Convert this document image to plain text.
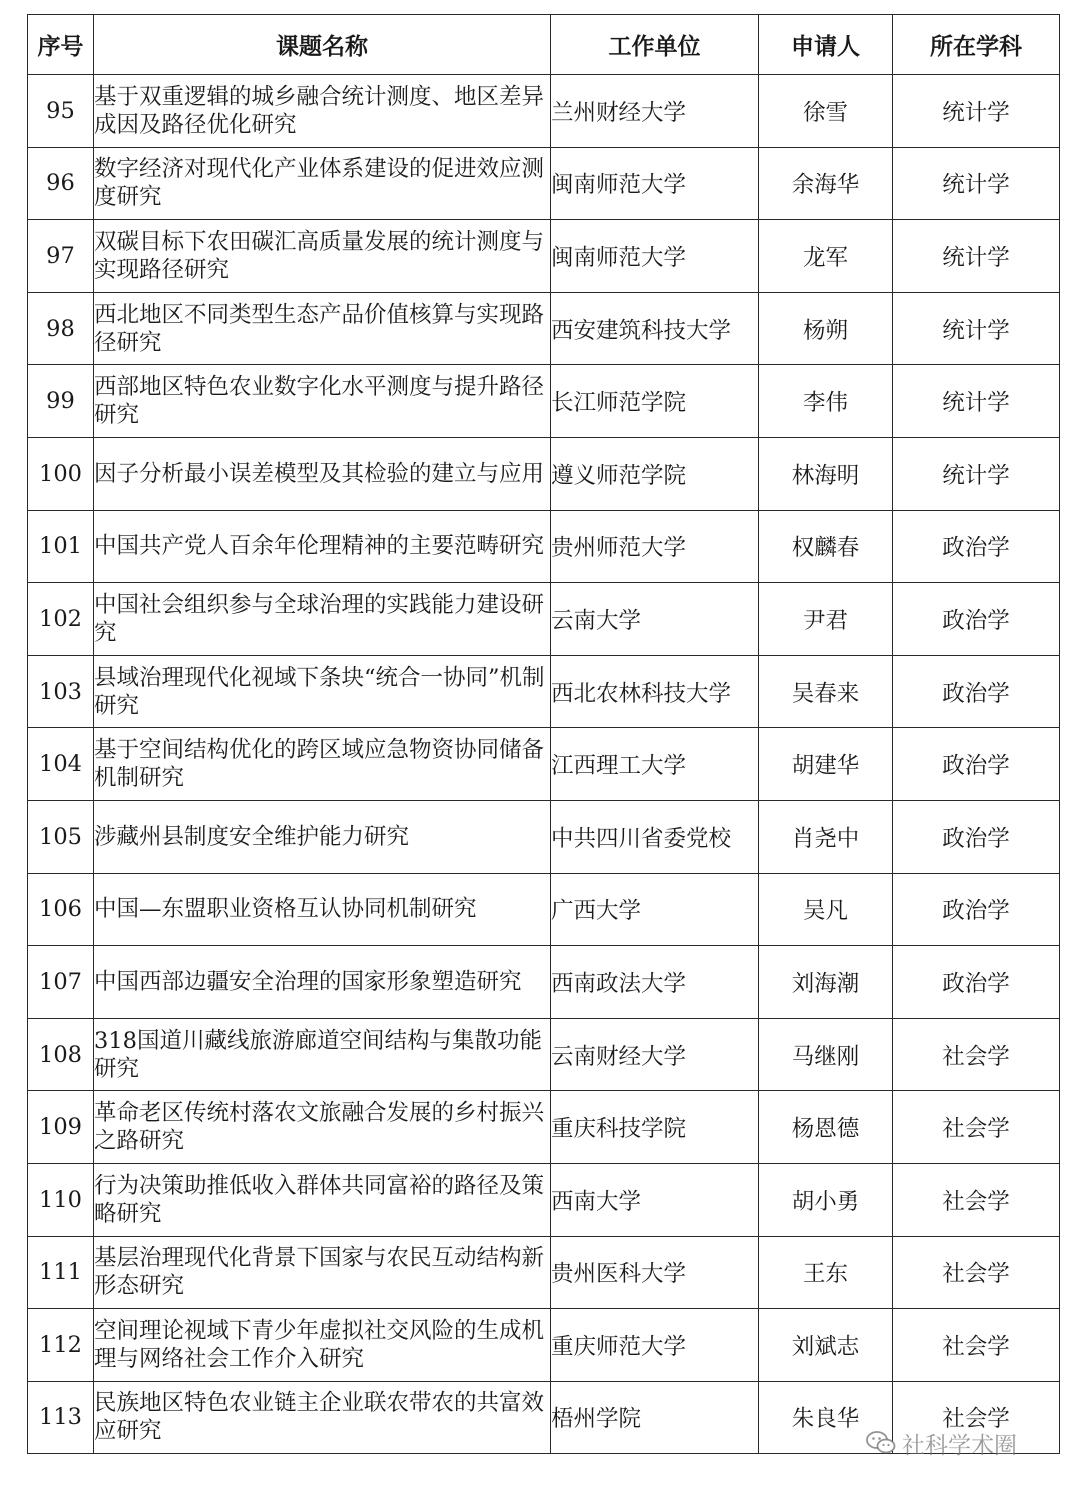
序号	课题名称	工作单位	申请人	所在学科
95	基于双重逻辑的城乡融合统计测度、地区差异成因及路径优化研究	兰州财经大学	徐雪	统计学
96	数字经济对现代化产业体系建设的促进效应测度研究	闽南师范大学	余海华	统计学
97	双碳目标下农田碳汇高质量发展的统计测度与实现路径研究	闽南师范大学	龙军	统计学
98	西北地区不同类型生态产品价值核算与实现路径研究	西安建筑科技大学	杨朔	统计学
99	西部地区特色农业数字化水平测度与提升路径研究	长江师范学院	李伟	统计学
100	因子分析最小误差模型及其检验的建立与应用	遵义师范学院	林海明	统计学
101	中国共产党人百余年伦理精神的主要范畴研究	贵州师范大学	权麟春	政治学
102	中国社会组织参与全球治理的实践能力建设研究	云南大学	尹君	政治学
103	县域治理现代化视域下条块“统合一协同”机制研究	西北农林科技大学	吴春来	政治学
104	基于空间结构优化的跨区域应急物资协同储备机制研究	江西理工大学	胡建华	政治学
105	涉藏州县制度安全维护能力研究	中共四川省委党校	肖尧中	政治学
106	中国—东盟职业资格互认协同机制研究	广西大学	吴凡	政治学
107	中国西部边疆安全治理的国家形象塑造研究	西南政法大学	刘海潮	政治学
108	318国道川藏线旅游廊道空间结构与集散功能研究	云南财经大学	马继刚	社会学
109	革命老区传统村落农文旅融合发展的乡村振兴之路研究	重庆科技学院	杨恩德	社会学
110	行为决策助推低收入群体共同富裕的路径及策略研究	西南大学	胡小勇	社会学
111	基层治理现代化背景下国家与农民互动结构新形态研究	贵州医科大学	王东	社会学
112	空间理论视域下青少年虚拟社交风险的生成机理与网络社会工作介入研究	重庆师范大学	刘斌志	社会学
113	民族地区特色农业链主企业联农带农的共富效应研究	梧州学院	朱良华	社会学
社科学术圈
